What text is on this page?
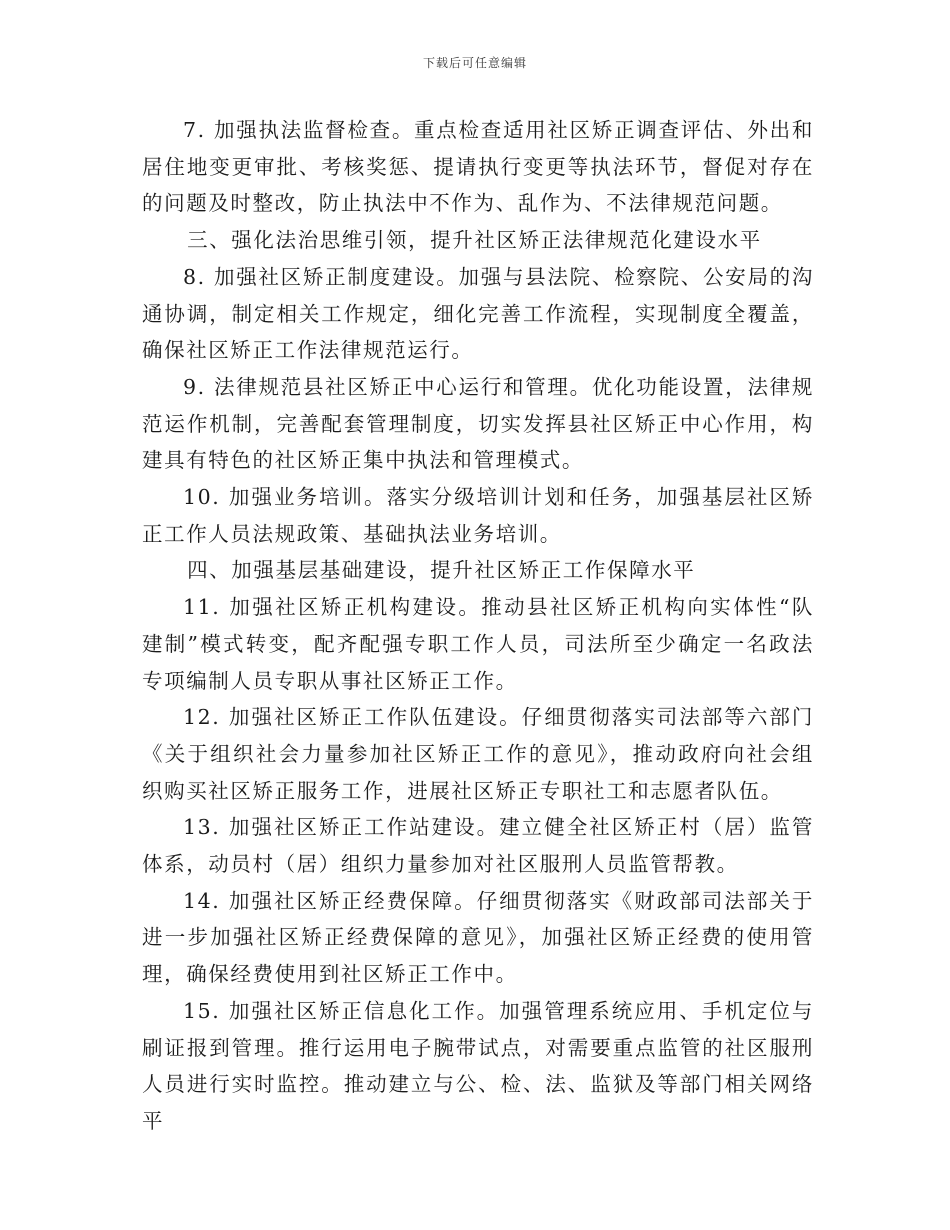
下载后可任意编辑

7. 加强执法监督检查。重点检查适用社区矫正调查评估、外出和居住地变更审批、考核奖惩、提请执行变更等执法环节，督促对存在的问题及时整改，防止执法中不作为、乱作为、不法律规范问题。

三、强化法治思维引领，提升社区矫正法律规范化建设水平

8. 加强社区矫正制度建设。加强与县法院、检察院、公安局的沟通协调，制定相关工作规定，细化完善工作流程，实现制度全覆盖，确保社区矫正工作法律规范运行。

9. 法律规范县社区矫正中心运行和管理。优化功能设置，法律规范运作机制，完善配套管理制度，切实发挥县社区矫正中心作用，构建具有特色的社区矫正集中执法和管理模式。

10. 加强业务培训。落实分级培训计划和任务，加强基层社区矫正工作人员法规政策、基础执法业务培训。

四、加强基层基础建设，提升社区矫正工作保障水平

11. 加强社区矫正机构建设。推动县社区矫正机构向实体性“队建制”模式转变，配齐配强专职工作人员，司法所至少确定一名政法专项编制人员专职从事社区矫正工作。

12. 加强社区矫正工作队伍建设。仔细贯彻落实司法部等六部门《关于组织社会力量参加社区矫正工作的意见》，推动政府向社会组织购买社区矫正服务工作，进展社区矫正专职社工和志愿者队伍。

13. 加强社区矫正工作站建设。建立健全社区矫正村（居）监管体系，动员村（居）组织力量参加对社区服刑人员监管帮教。

14. 加强社区矫正经费保障。仔细贯彻落实《财政部司法部关于进一步加强社区矫正经费保障的意见》，加强社区矫正经费的使用管理，确保经费使用到社区矫正工作中。

15. 加强社区矫正信息化工作。加强管理系统应用、手机定位与刷证报到管理。推行运用电子腕带试点，对需要重点监管的社区服刑人员进行实时监控。推动建立与公、检、法、监狱及等部门相关网络平
